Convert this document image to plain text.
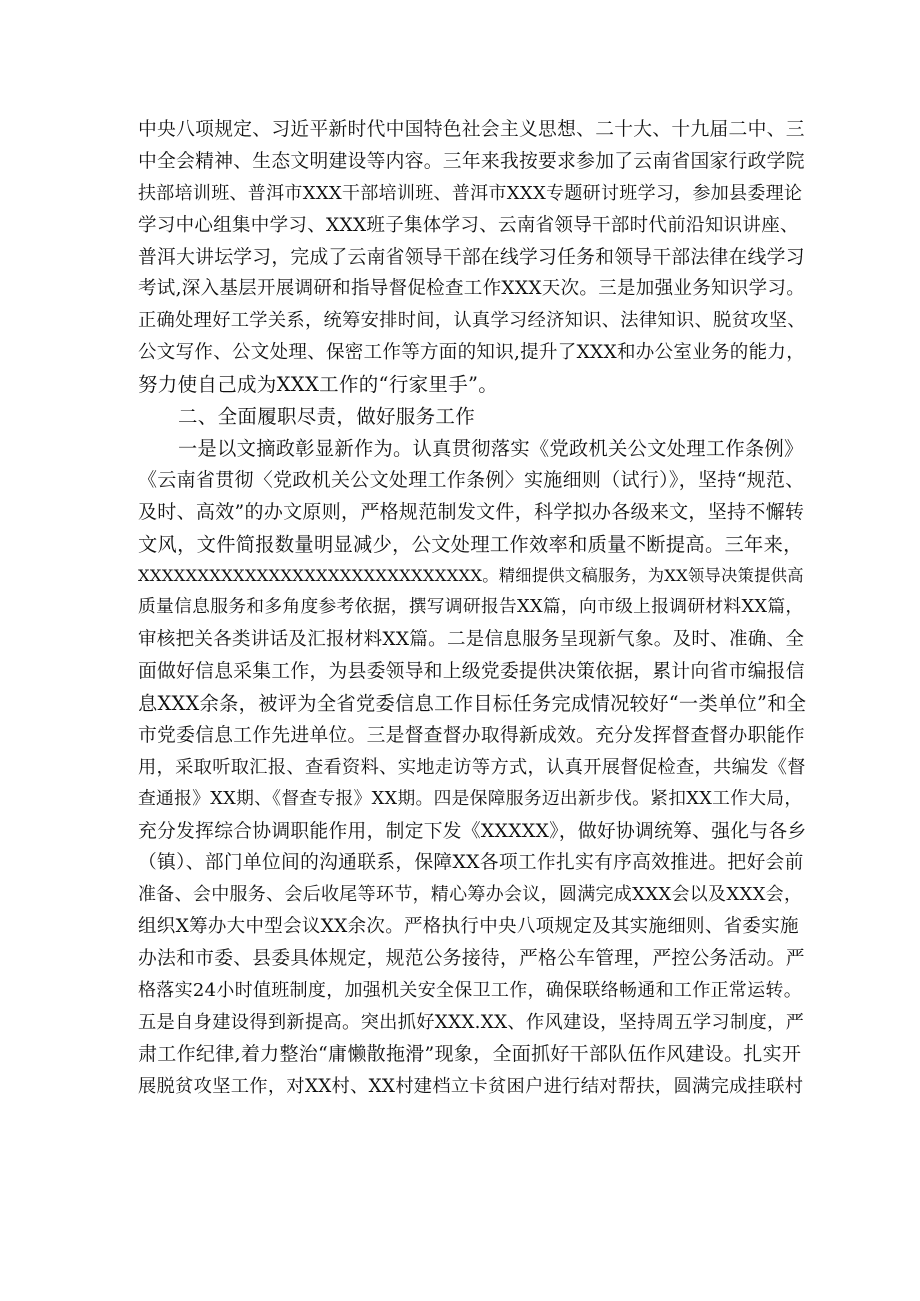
中央八项规定、习近平新时代中国特色社会主义思想、二十大、十九届二中、三
中全会精神、生态文明建设等内容。三年来我按要求参加了云南省国家行政学院
扶部培训班、普洱市XXX干部培训班、普洱市XXX专题研讨班学习，参加县委理论
学习中心组集中学习、XXX班子集体学习、云南省领导干部时代前沿知识讲座、
普洱大讲坛学习，完成了云南省领导干部在线学习任务和领导干部法律在线学习
考试,深入基层开展调研和指导督促检查工作XXX天次。三是加强业务知识学习。
正确处理好工学关系，统筹安排时间，认真学习经济知识、法律知识、脱贫攻坚、
公文写作、公文处理、保密工作等方面的知识,提升了XXX和办公室业务的能力，
努力使自己成为XXX工作的“行家里手”。
二、全面履职尽责，做好服务工作
一是以文摘政彰显新作为。认真贯彻落实《党政机关公文处理工作条例》
《云南省贯彻〈党政机关公文处理工作条例〉实施细则（试行）》，坚持“规范、
及时、高效”的办文原则，严格规范制发文件，科学拟办各级来文，坚持不懈转
文风，文件简报数量明显减少，公文处理工作效率和质量不断提高。三年来，
XXXXXXXXXXXXXXXXXXXXXXXXXXXXX。精细提供文稿服务，为XX领导决策提供高
质量信息服务和多角度参考依据，撰写调研报告XX篇，向市级上报调研材料XX篇，
审核把关各类讲话及汇报材料XX篇。二是信息服务呈现新气象。及时、准确、全
面做好信息采集工作，为县委领导和上级党委提供决策依据，累计向省市编报信
息XXX余条，被评为全省党委信息工作目标任务完成情况较好“一类单位”和全
市党委信息工作先进单位。三是督查督办取得新成效。充分发挥督查督办职能作
用，采取听取汇报、查看资料、实地走访等方式，认真开展督促检查，共编发《督
查通报》XX期、《督查专报》XX期。四是保障服务迈出新步伐。紧扣XX工作大局，
充分发挥综合协调职能作用，制定下发《XXXXX》，做好协调统筹、强化与各乡
（镇）、部门单位间的沟通联系，保障XX各项工作扎实有序高效推进。把好会前
准备、会中服务、会后收尾等环节，精心筹办会议，圆满完成XXX会以及XXX会，
组织X筹办大中型会议XX余次。严格执行中央八项规定及其实施细则、省委实施
办法和市委、县委具体规定，规范公务接待，严格公车管理，严控公务活动。严
格落实24小时值班制度，加强机关安全保卫工作，确保联络畅通和工作正常运转。
五是自身建设得到新提高。突出抓好XXX.XX、作风建设，坚持周五学习制度，严
肃工作纪律,着力整治“庸懒散拖滑”现象，全面抓好干部队伍作风建设。扎实开
展脱贫攻坚工作，对XX村、XX村建档立卡贫困户进行结对帮扶，圆满完成挂联村
